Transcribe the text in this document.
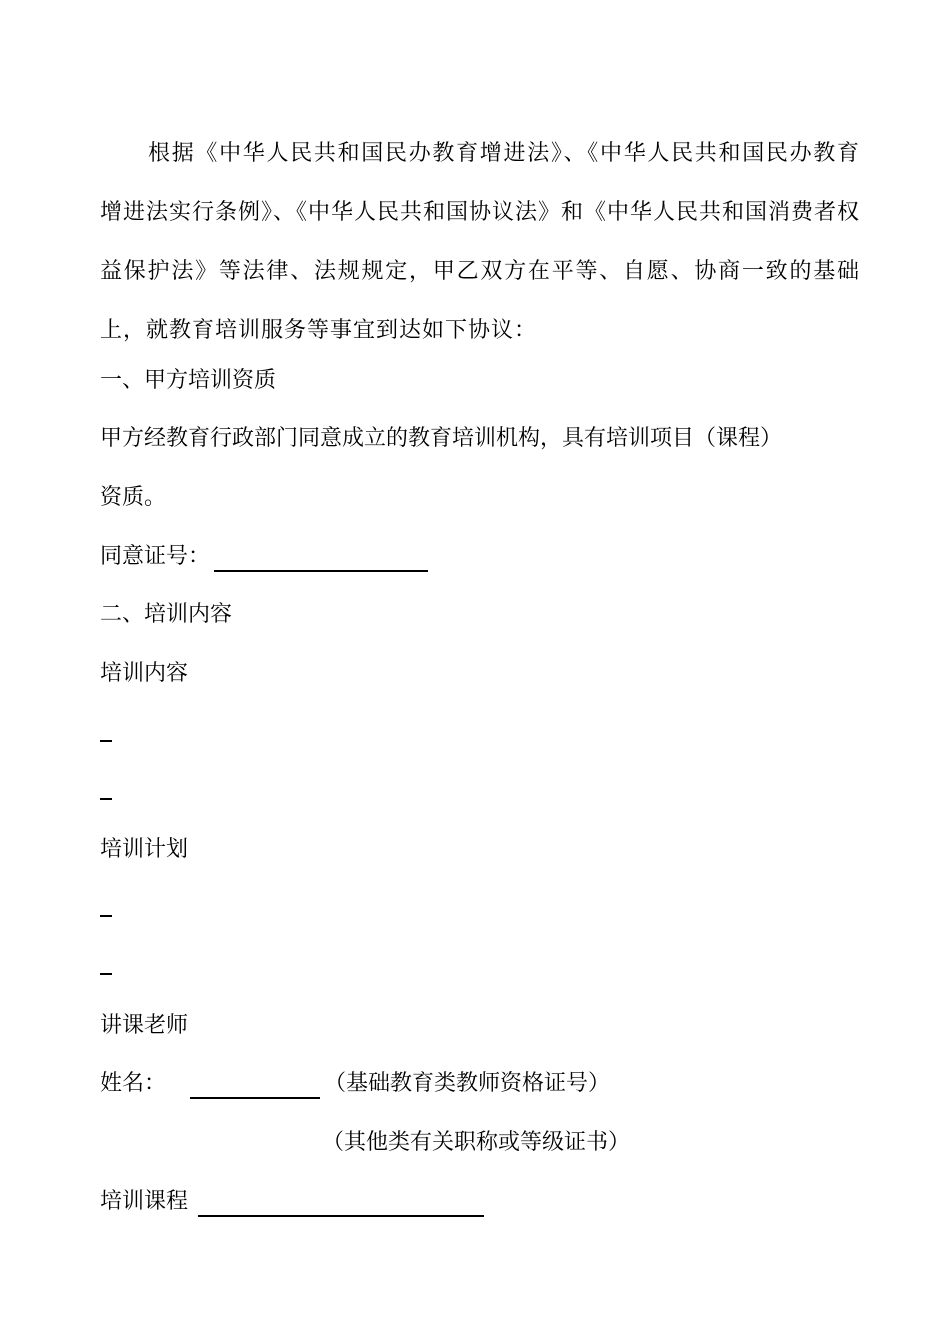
根据《中华人民共和国民办教育增进法》、《中华人民共和国民办教育增进法实行条例》、《中华人民共和国协议法》和《中华人民共和国消费者权益保护法》等法律、法规规定，甲乙双方在平等、自愿、协商一致的基础上，就教育培训服务等事宜到达如下协议：
一、甲方培训资质
甲方经教育行政部门同意成立的教育培训机构，具有培训项目（课程）
资质。
同意证号：
二、培训内容
培训内容
培训计划
讲课老师
姓名：	（基础教育类教师资格证号）
（其他类有关职称或等级证书）
培训课程
